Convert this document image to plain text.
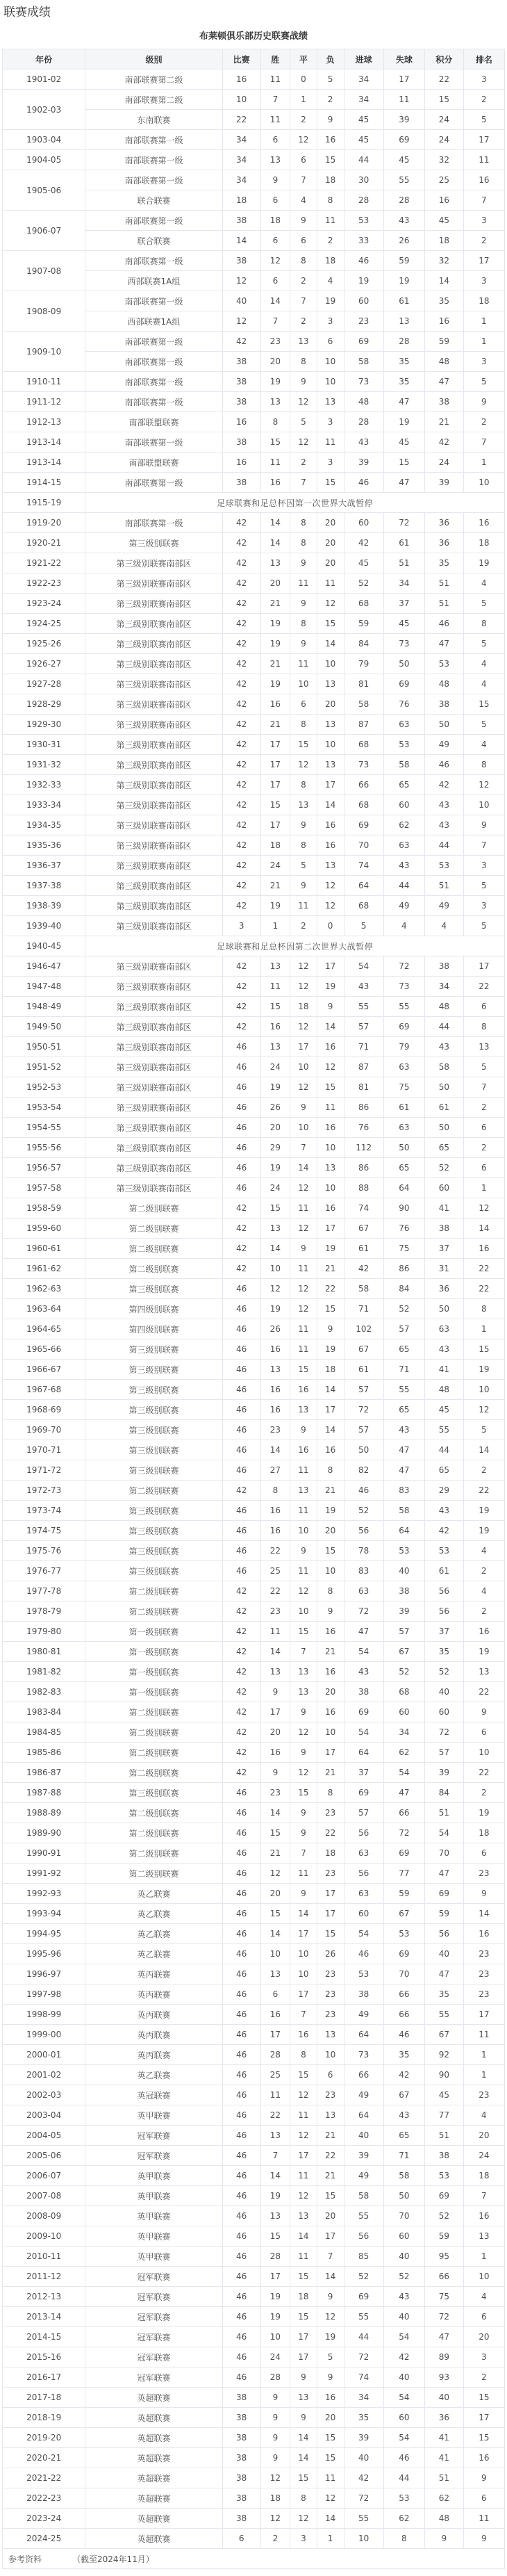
联赛成绩
布莱顿俱乐部历史联赛战绩
年份	级别	比赛	胜	平	负	进球	失球	积分	排名
1901-02	南部联赛第二级	16	11	0	5	34	17	22	3
1902-03	南部联赛第二级	10	7	1	2	34	11	15	2
	东南联赛	22	11	2	9	45	39	24	5
1903-04	南部联赛第一级	34	6	12	16	45	69	24	17
1904-05	南部联赛第一级	34	13	6	15	44	45	32	11
1905-06	南部联赛第一级	34	9	7	18	30	55	25	16
	联合联赛	18	6	4	8	28	28	16	7
1906-07	南部联赛第一级	38	18	9	11	53	43	45	3
	联合联赛	14	6	6	2	33	26	18	2
1907-08	南部联赛第一级	38	12	8	18	46	59	32	17
	西部联赛1A组	12	6	2	4	19	19	14	3
1908-09	南部联赛第一级	40	14	7	19	60	61	35	18
	西部联赛1A组	12	7	2	3	23	13	16	1
1909-10	南部联赛第一级	42	23	13	6	69	28	59	1
	南部联赛第一级	38	20	8	10	58	35	48	3
1910-11	南部联赛第一级	38	19	9	10	73	35	47	5
1911-12	南部联赛第一级	38	13	12	13	48	47	38	9
1912-13	南部联盟联赛	16	8	5	3	28	19	21	2
1913-14	南部联赛第一级	38	15	12	11	43	45	42	7
1913-14	南部联盟联赛	16	11	2	3	39	15	24	1
1914-15	南部联赛第一级	38	16	7	15	46	47	39	10
1915-19	足球联赛和足总杯因第一次世界大战暂停								
1919-20	南部联赛第一级	42	14	8	20	60	72	36	16
1920-21	第三级别联赛	42	14	8	20	42	61	36	18
1921-22	第三级别联赛南部区	42	13	9	20	45	51	35	19
1922-23	第三级别联赛南部区	42	20	11	11	52	34	51	4
1923-24	第三级别联赛南部区	42	21	9	12	68	37	51	5
1924-25	第三级别联赛南部区	42	19	8	15	59	45	46	8
1925-26	第三级别联赛南部区	42	19	9	14	84	73	47	5
1926-27	第三级别联赛南部区	42	21	11	10	79	50	53	4
1927-28	第三级别联赛南部区	42	19	10	13	81	69	48	4
1928-29	第三级别联赛南部区	42	16	6	20	58	76	38	15
1929-30	第三级别联赛南部区	42	21	8	13	87	63	50	5
1930-31	第三级别联赛南部区	42	17	15	10	68	53	49	4
1931-32	第三级别联赛南部区	42	17	12	13	73	58	46	8
1932-33	第三级别联赛南部区	42	17	8	17	66	65	42	12
1933-34	第三级别联赛南部区	42	15	13	14	68	60	43	10
1934-35	第三级别联赛南部区	42	17	9	16	69	62	43	9
1935-36	第三级别联赛南部区	42	18	8	16	70	63	44	7
1936-37	第三级别联赛南部区	42	24	5	13	74	43	53	3
1937-38	第三级别联赛南部区	42	21	9	12	64	44	51	5
1938-39	第三级别联赛南部区	42	19	11	12	68	49	49	3
1939-40	第三级别联赛南部区	3	1	2	0	5	4	4	5
1940-45	足球联赛和足总杯因第二次世界大战暂停								
1946-47	第三级别联赛南部区	42	13	12	17	54	72	38	17
1947-48	第三级别联赛南部区	42	11	12	19	43	73	34	22
1948-49	第三级别联赛南部区	42	15	18	9	55	55	48	6
1949-50	第三级别联赛南部区	42	16	12	14	57	69	44	8
1950-51	第三级别联赛南部区	46	13	17	16	71	79	43	13
1951-52	第三级别联赛南部区	46	24	10	12	87	63	58	5
1952-53	第三级别联赛南部区	46	19	12	15	81	75	50	7
1953-54	第三级别联赛南部区	46	26	9	11	86	61	61	2
1954-55	第三级别联赛南部区	46	20	10	16	76	63	50	6
1955-56	第三级别联赛南部区	46	29	7	10	112	50	65	2
1956-57	第三级别联赛南部区	46	19	14	13	86	65	52	6
1957-58	第三级别联赛南部区	46	24	12	10	88	64	60	1
1958-59	第二级别联赛	42	15	11	16	74	90	41	12
1959-60	第二级别联赛	42	13	12	17	67	76	38	14
1960-61	第二级别联赛	42	14	9	19	61	75	37	16
1961-62	第二级别联赛	42	10	11	21	42	86	31	22
1962-63	第三级别联赛	46	12	12	22	58	84	36	22
1963-64	第四级别联赛	46	19	12	15	71	52	50	8
1964-65	第四级别联赛	46	26	11	9	102	57	63	1
1965-66	第三级别联赛	46	16	11	19	67	65	43	15
1966-67	第三级别联赛	46	13	15	18	61	71	41	19
1967-68	第三级别联赛	46	16	16	14	57	55	48	10
1968-69	第三级别联赛	46	16	13	17	72	65	45	12
1969-70	第三级别联赛	46	23	9	14	57	43	55	5
1970-71	第三级别联赛	46	14	16	16	50	47	44	14
1971-72	第三级别联赛	46	27	11	8	82	47	65	2
1972-73	第二级别联赛	42	8	13	21	46	83	29	22
1973-74	第三级别联赛	46	16	11	19	52	58	43	19
1974-75	第三级别联赛	46	16	10	20	56	64	42	19
1975-76	第三级别联赛	46	22	9	15	78	53	53	4
1976-77	第三级别联赛	46	25	11	10	83	40	61	2
1977-78	第二级别联赛	42	22	12	8	63	38	56	4
1978-79	第二级别联赛	42	23	10	9	72	39	56	2
1979-80	第一级别联赛	42	11	15	16	47	57	37	16
1980-81	第一级别联赛	42	14	7	21	54	67	35	19
1981-82	第一级别联赛	42	13	13	16	43	52	52	13
1982-83	第一级别联赛	42	9	13	20	38	68	40	22
1983-84	第二级别联赛	42	17	9	16	69	60	60	9
1984-85	第二级别联赛	42	20	12	10	54	34	72	6
1985-86	第二级别联赛	42	16	9	17	64	62	57	10
1986-87	第二级别联赛	42	9	12	21	37	54	39	22
1987-88	第三级别联赛	46	23	15	8	69	47	84	2
1988-89	第二级别联赛	46	14	9	23	57	66	51	19
1989-90	第二级别联赛	46	15	9	22	56	72	54	18
1990-91	第二级别联赛	46	21	7	18	63	69	70	6
1991-92	第二级别联赛	46	12	11	23	56	77	47	23
1992-93	英乙联赛	46	20	9	17	63	59	69	9
1993-94	英乙联赛	46	15	14	17	60	67	59	14
1994-95	英乙联赛	46	14	17	15	54	53	56	16
1995-96	英乙联赛	46	10	10	26	46	69	40	23
1996-97	英丙联赛	46	13	10	23	53	70	47	23
1997-98	英丙联赛	46	6	17	23	38	66	35	23
1998-99	英丙联赛	46	16	7	23	49	66	55	17
1999-00	英丙联赛	46	17	16	13	64	46	67	11
2000-01	英丙联赛	46	28	8	10	73	35	92	1
2001-02	英乙联赛	46	25	15	6	66	42	90	1
2002-03	英冠联赛	46	11	12	23	49	67	45	23
2003-04	英甲联赛	46	22	11	13	64	43	77	4
2004-05	冠军联赛	46	13	12	21	40	65	51	20
2005-06	冠军联赛	46	7	17	22	39	71	38	24
2006-07	英甲联赛	46	14	11	21	49	58	53	18
2007-08	英甲联赛	46	19	12	15	58	50	69	7
2008-09	英甲联赛	46	13	13	20	55	70	52	16
2009-10	英甲联赛	46	15	14	17	56	60	59	13
2010-11	英甲联赛	46	28	11	7	85	40	95	1
2011-12	冠军联赛	46	17	15	14	52	52	66	10
2012-13	冠军联赛	46	19	18	9	69	43	75	4
2013-14	冠军联赛	46	19	15	12	55	40	72	6
2014-15	冠军联赛	46	10	17	19	44	54	47	20
2015-16	冠军联赛	46	24	17	5	72	42	89	3
2016-17	冠军联赛	46	28	9	9	74	40	93	2
2017-18	英超联赛	38	9	13	16	34	54	40	15
2018-19	英超联赛	38	9	9	20	35	60	36	17
2019-20	英超联赛	38	9	14	15	39	54	41	15
2020-21	英超联赛	38	9	14	15	40	46	41	16
2021-22	英超联赛	38	12	15	11	42	44	51	9
2022-23	英超联赛	38	18	8	12	72	53	62	6
2023-24	英超联赛	38	12	12	14	55	62	48	11
2024-25	英超联赛	6	2	3	1	10	8	9	9
参考资料 （截至2024年11月）									
